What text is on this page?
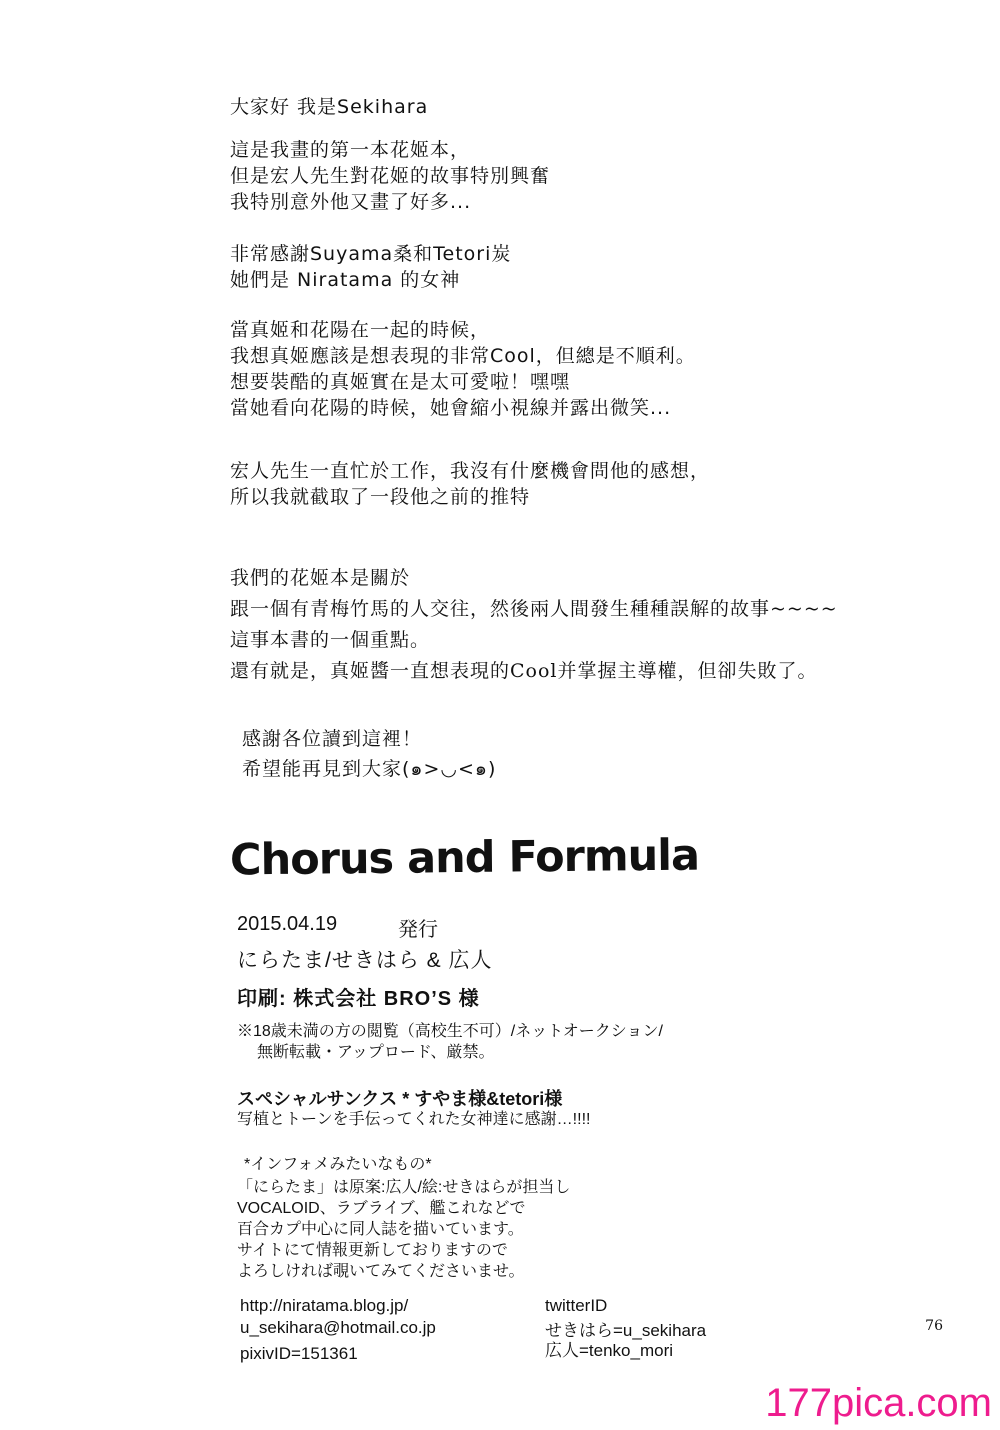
大家好 我是Sekihara
這是我畫的第一本花姬本，
但是宏人先生對花姬的故事特別興奮
我特別意外他又畫了好多...
非常感謝Suyama桑和Tetori炭
她們是 Niratama 的女神
當真姬和花陽在一起的時候，
我想真姬應該是想表現的非常Cool，但總是不順利。
想要裝酷的真姬實在是太可愛啦！嘿嘿
當她看向花陽的時候，她會縮小視線并露出微笑...
宏人先生一直忙於工作，我沒有什麼機會問他的感想，
所以我就截取了一段他之前的推特
我們的花姬本是關於
跟一個有青梅竹馬的人交往，然後兩人間發生種種誤解的故事~~~~
這事本書的一個重點。
還有就是，真姬醬一直想表現的Cool并掌握主導權，但卻失敗了。
感謝各位讀到這裡！
希望能再見到大家(๑>◡<๑)
Chorus and Formula
2015.04.19	発行
にらたま/せきはら & 広人
印刷: 株式会社 BRO’S 様
※18歳未満の方の閲覧（高校生不可）/ネットオークション/
無断転載・アップロード、厳禁。
スペシャルサンクス * すやま様&tetori様
写植とトーンを手伝ってくれた女神達に感謝…!!!!
*インフォメみたいなもの*
「にらたま」は原案:広人/絵:せきはらが担当し
VOCALOID、ラブライブ、艦これなどで
百合カプ中心に同人誌を描いています。
サイトにて情報更新しておりますので
よろしければ覗いてみてくださいませ。
http://niratama.blog.jp/
u_sekihara@hotmail.co.jp
pixivID=151361
twitterID
せきはら=u_sekihara
広人=tenko_mori
76
177pica.com
